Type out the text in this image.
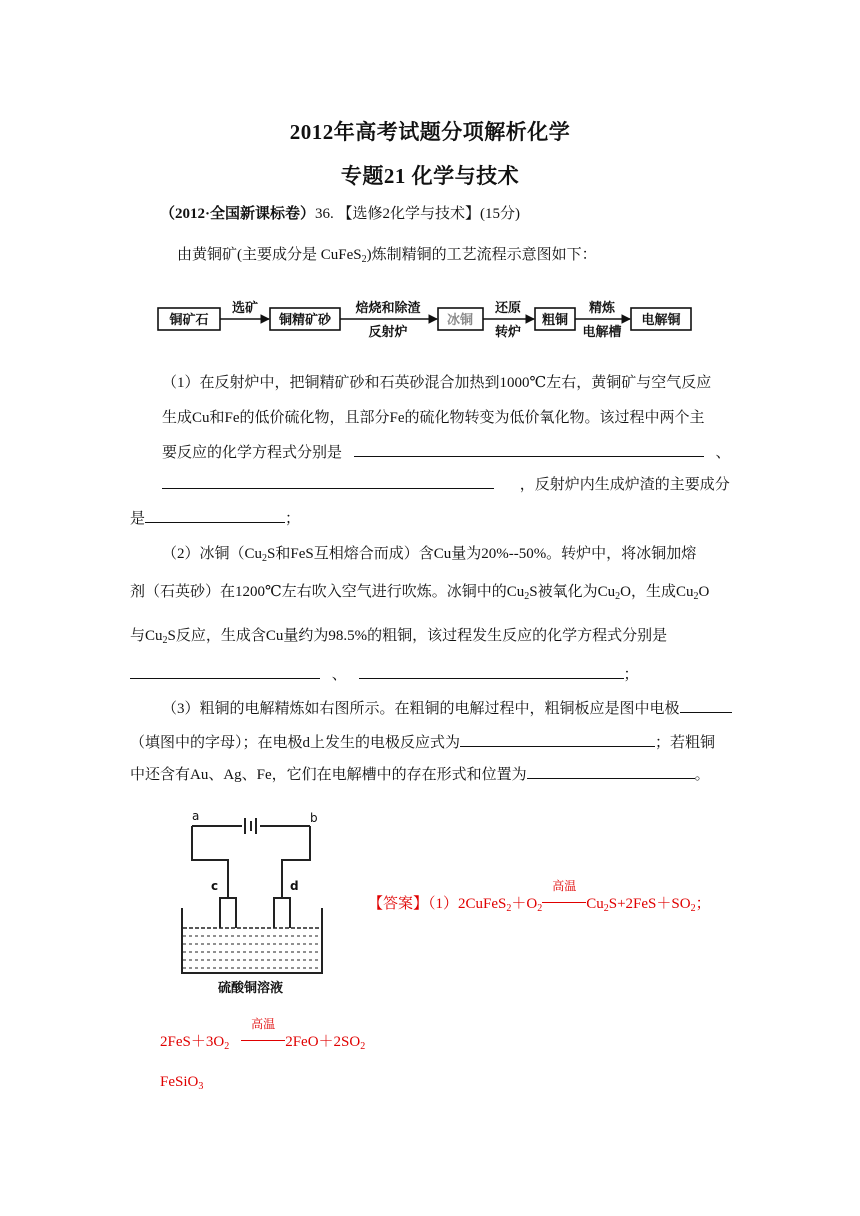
2012年高考试题分项解析化学
专题21 化学与技术
（2012·全国新课标卷）36. 【选修2化学与技术】(15分)
由黄铜矿(主要成分是 CuFeS$_2$)炼制精铜的工艺流程示意图如下：
铜矿石	铜精矿砂	冰铜	粗铜	电解铜
选矿	焙烧和除渣
反射炉
还原
转炉
精炼
电解槽
（1）在反射炉中，把铜精矿砂和石英砂混合加热到1000℃左右，黄铜矿与空气反应
生成Cu和Fe的低价硫化物，且部分Fe的硫化物转变为低价氧化物。该过程中两个主
要反应的化学方程式分别是	、
，反射炉内生成炉渣的主要成分
是	；
（2）冰铜（$Cu_2S$和FeS互相熔合而成）含Cu量为20%--50%。转炉中，将冰铜加熔
剂（石英砂）在1200℃左右吹入空气进行吹炼。冰铜中的$Cu_2S$被氧化为$Cu_2O$，生成$Cu_2O$
与$Cu_2S$反应，生成含Cu量约为98.5%的粗铜，该过程发生反应的化学方程式分别是
、	；
（3）粗铜的电解精炼如右图所示。在粗铜的电解过程中，粗铜板应是图中电极
（填图中的字母）；在电极d上发生的电极反应式为	；若粗铜
中还含有Au、Ag、Fe，它们在电解槽中的存在形式和位置为	。
a	b
c	d
硫酸铜溶液
【答案】$(1)2CuFeS_2+O_2$
高温
$Cu_2S+2FeS+SO_2$；
$2FeS+3O_2$
高温
$2FeO+2SO_2$
FeSiO$_3$
